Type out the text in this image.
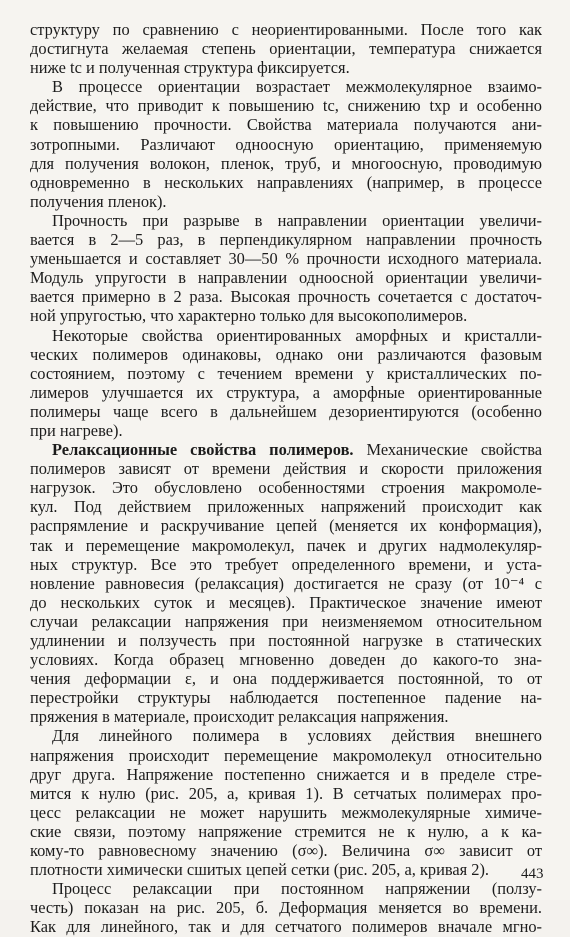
структуру по сравнению с неориентированными. После того как
достигнута желаемая степень ориентации, температура снижается
ниже tс и полученная структура фиксируется.
В процессе ориентации возрастает межмолекулярное взаимо-
действие, что приводит к повышению tс, снижению tхр и особенно
к повышению прочности. Свойства материала получаются ани-
зотропными. Различают одноосную ориентацию, применяемую
для получения волокон, пленок, труб, и многоосную, проводимую
одновременно в нескольких направлениях (например, в процессе
получения пленок).
Прочность при разрыве в направлении ориентации увеличи-
вается в 2—5 раз, в перпендикулярном направлении прочность
уменьшается и составляет 30—50 % прочности исходного материала.
Модуль упругости в направлении одноосной ориентации увеличи-
вается примерно в 2 раза. Высокая прочность сочетается с достаточ-
ной упругостью, что характерно только для высокополимеров.
Некоторые свойства ориентированных аморфных и кристалли-
ческих полимеров одинаковы, однако они различаются фазовым
состоянием, поэтому с течением времени у кристаллических по-
лимеров улучшается их структура, а аморфные ориентированные
полимеры чаще всего в дальнейшем дезориентируются (особенно
при нагреве).
Релаксационные свойства полимеров. Механические свойства
полимеров зависят от времени действия и скорости приложения
нагрузок. Это обусловлено особенностями строения макромоле-
кул. Под действием приложенных напряжений происходит как
распрямление и раскручивание цепей (меняется их конформация),
так и перемещение макромолекул, пачек и других надмолекуляр-
ных структур. Все это требует определенного времени, и уста-
новление равновесия (релаксация) достигается не сразу (от 10⁻⁴ с
до нескольких суток и месяцев). Практическое значение имеют
случаи релаксации напряжения при неизменяемом относительном
удлинении и ползучесть при постоянной нагрузке в статических
условиях. Когда образец мгновенно доведен до какого-то зна-
чения деформации ε, и она поддерживается постоянной, то от
перестройки структуры наблюдается постепенное падение на-
пряжения в материале, происходит релаксация напряжения.
Для линейного полимера в условиях действия внешнего
напряжения происходит перемещение макромолекул относительно
друг друга. Напряжение постепенно снижается и в пределе стре-
мится к нулю (рис. 205, а, кривая 1). В сетчатых полимерах про-
цесс релаксации не может нарушить межмолекулярные химиче-
ские связи, поэтому напряжение стремится не к нулю, а к ка-
кому-то равновесному значению (σ∞). Величина σ∞ зависит от
плотности химически сшитых цепей сетки (рис. 205, а, кривая 2).
Процесс релаксации при постоянном напряжении (ползу-
честь) показан на рис. 205, б. Деформация меняется во времени.
Как для линейного, так и для сетчатого полимеров вначале мгно-
443
